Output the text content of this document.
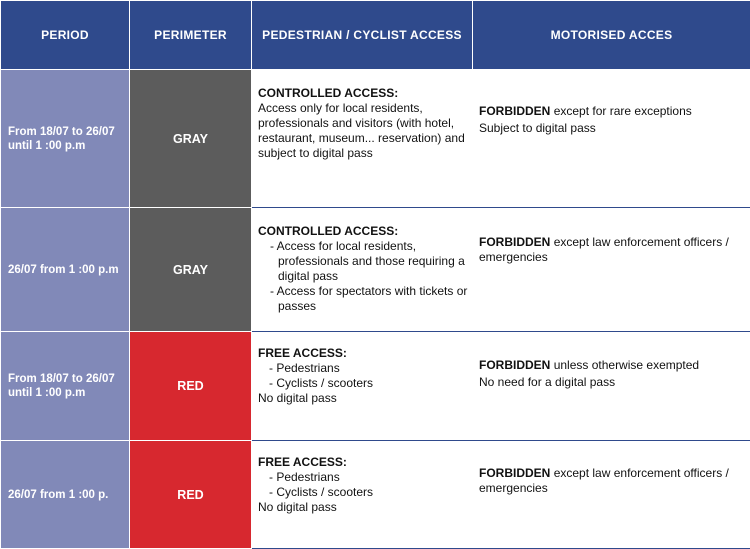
PERIOD	PERIMETER	PEDESTRIAN / CYCLIST ACCESS	MOTORISED ACCES

From 18/07 to 26/07
until 1 :00 p.m	GRAY	CONTROLLED ACCESS:
Access only for local residents, professionals and visitors (with hotel, restaurant, museum... reservation) and subject to digital pass	FORBIDDEN except for rare exceptions
Subject to digital pass

26/07 from 1 :00 p.m	GRAY	CONTROLLED ACCESS:
- Access for local residents, professionals and those requiring a digital pass
- Access for spectators with tickets or passes	FORBIDDEN except law enforcement officers / emergencies

From 18/07 to 26/07
until 1 :00 p.m	RED	FREE ACCESS:
- Pedestrians
- Cyclists / scooters
No digital pass	FORBIDDEN unless otherwise exempted
No need for a digital pass

26/07 from 1 :00 p.	RED	FREE ACCESS:
- Pedestrians
- Cyclists / scooters
No digital pass	FORBIDDEN except law enforcement officers / emergencies
